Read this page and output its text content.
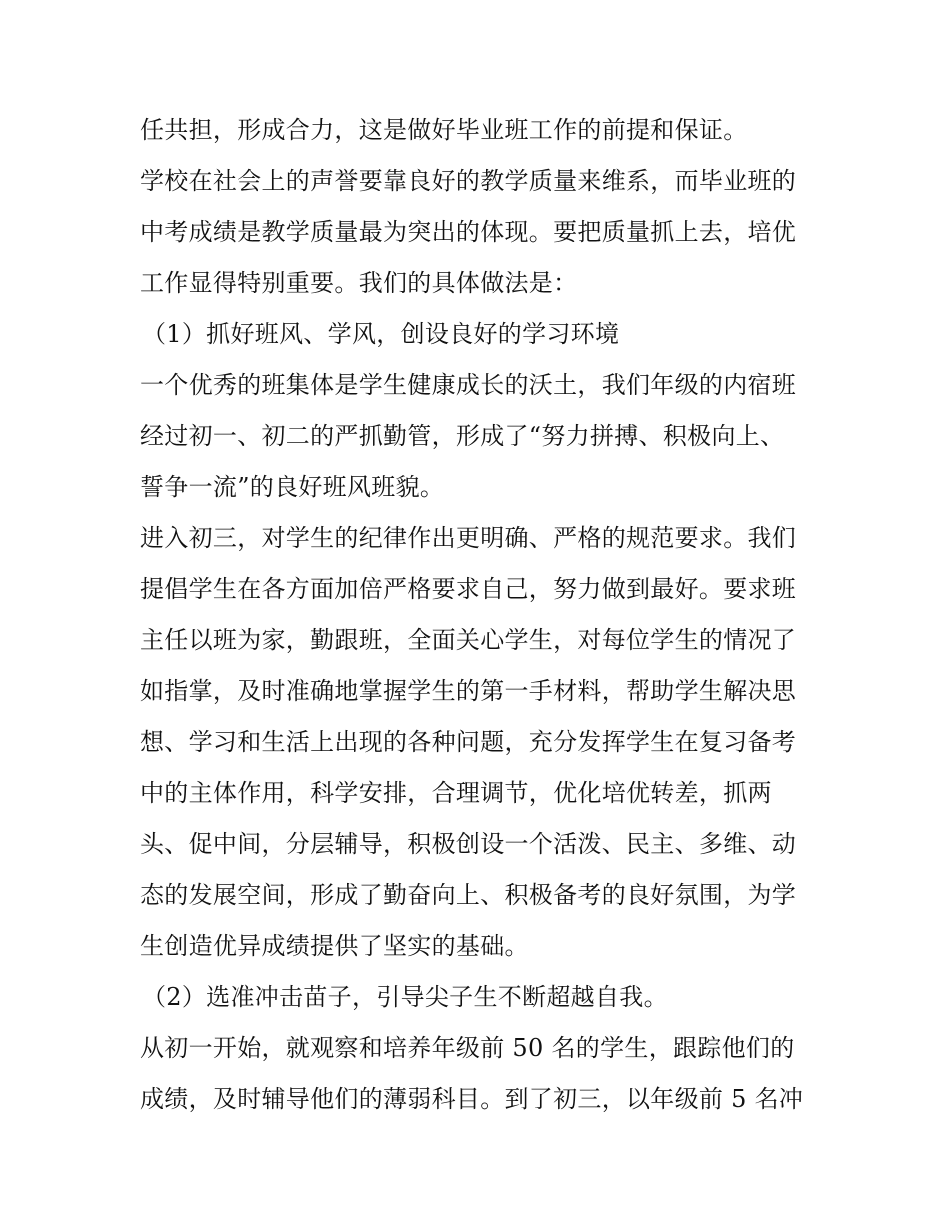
任共担，形成合力，这是做好毕业班工作的前提和保证。
学校在社会上的声誉要靠良好的教学质量来维系，而毕业班的
中考成绩是教学质量最为突出的体现。要把质量抓上去，培优
工作显得特别重要。我们的具体做法是：
（1）抓好班风、学风，创设良好的学习环境
一个优秀的班集体是学生健康成长的沃土，我们年级的内宿班
经过初一、初二的严抓勤管，形成了“努力拼搏、积极向上、
誓争一流”的良好班风班貌。
进入初三，对学生的纪律作出更明确、严格的规范要求。我们
提倡学生在各方面加倍严格要求自己，努力做到最好。要求班
主任以班为家，勤跟班，全面关心学生，对每位学生的情况了
如指掌，及时准确地掌握学生的第一手材料，帮助学生解决思
想、学习和生活上出现的各种问题，充分发挥学生在复习备考
中的主体作用，科学安排，合理调节，优化培优转差，抓两
头、促中间，分层辅导，积极创设一个活泼、民主、多维、动
态的发展空间，形成了勤奋向上、积极备考的良好氛围，为学
生创造优异成绩提供了坚实的基础。
（2）选准冲击苗子，引导尖子生不断超越自我。
从初一开始，就观察和培养年级前 50 名的学生，跟踪他们的
成绩，及时辅导他们的薄弱科目。到了初三，以年级前 5 名冲
